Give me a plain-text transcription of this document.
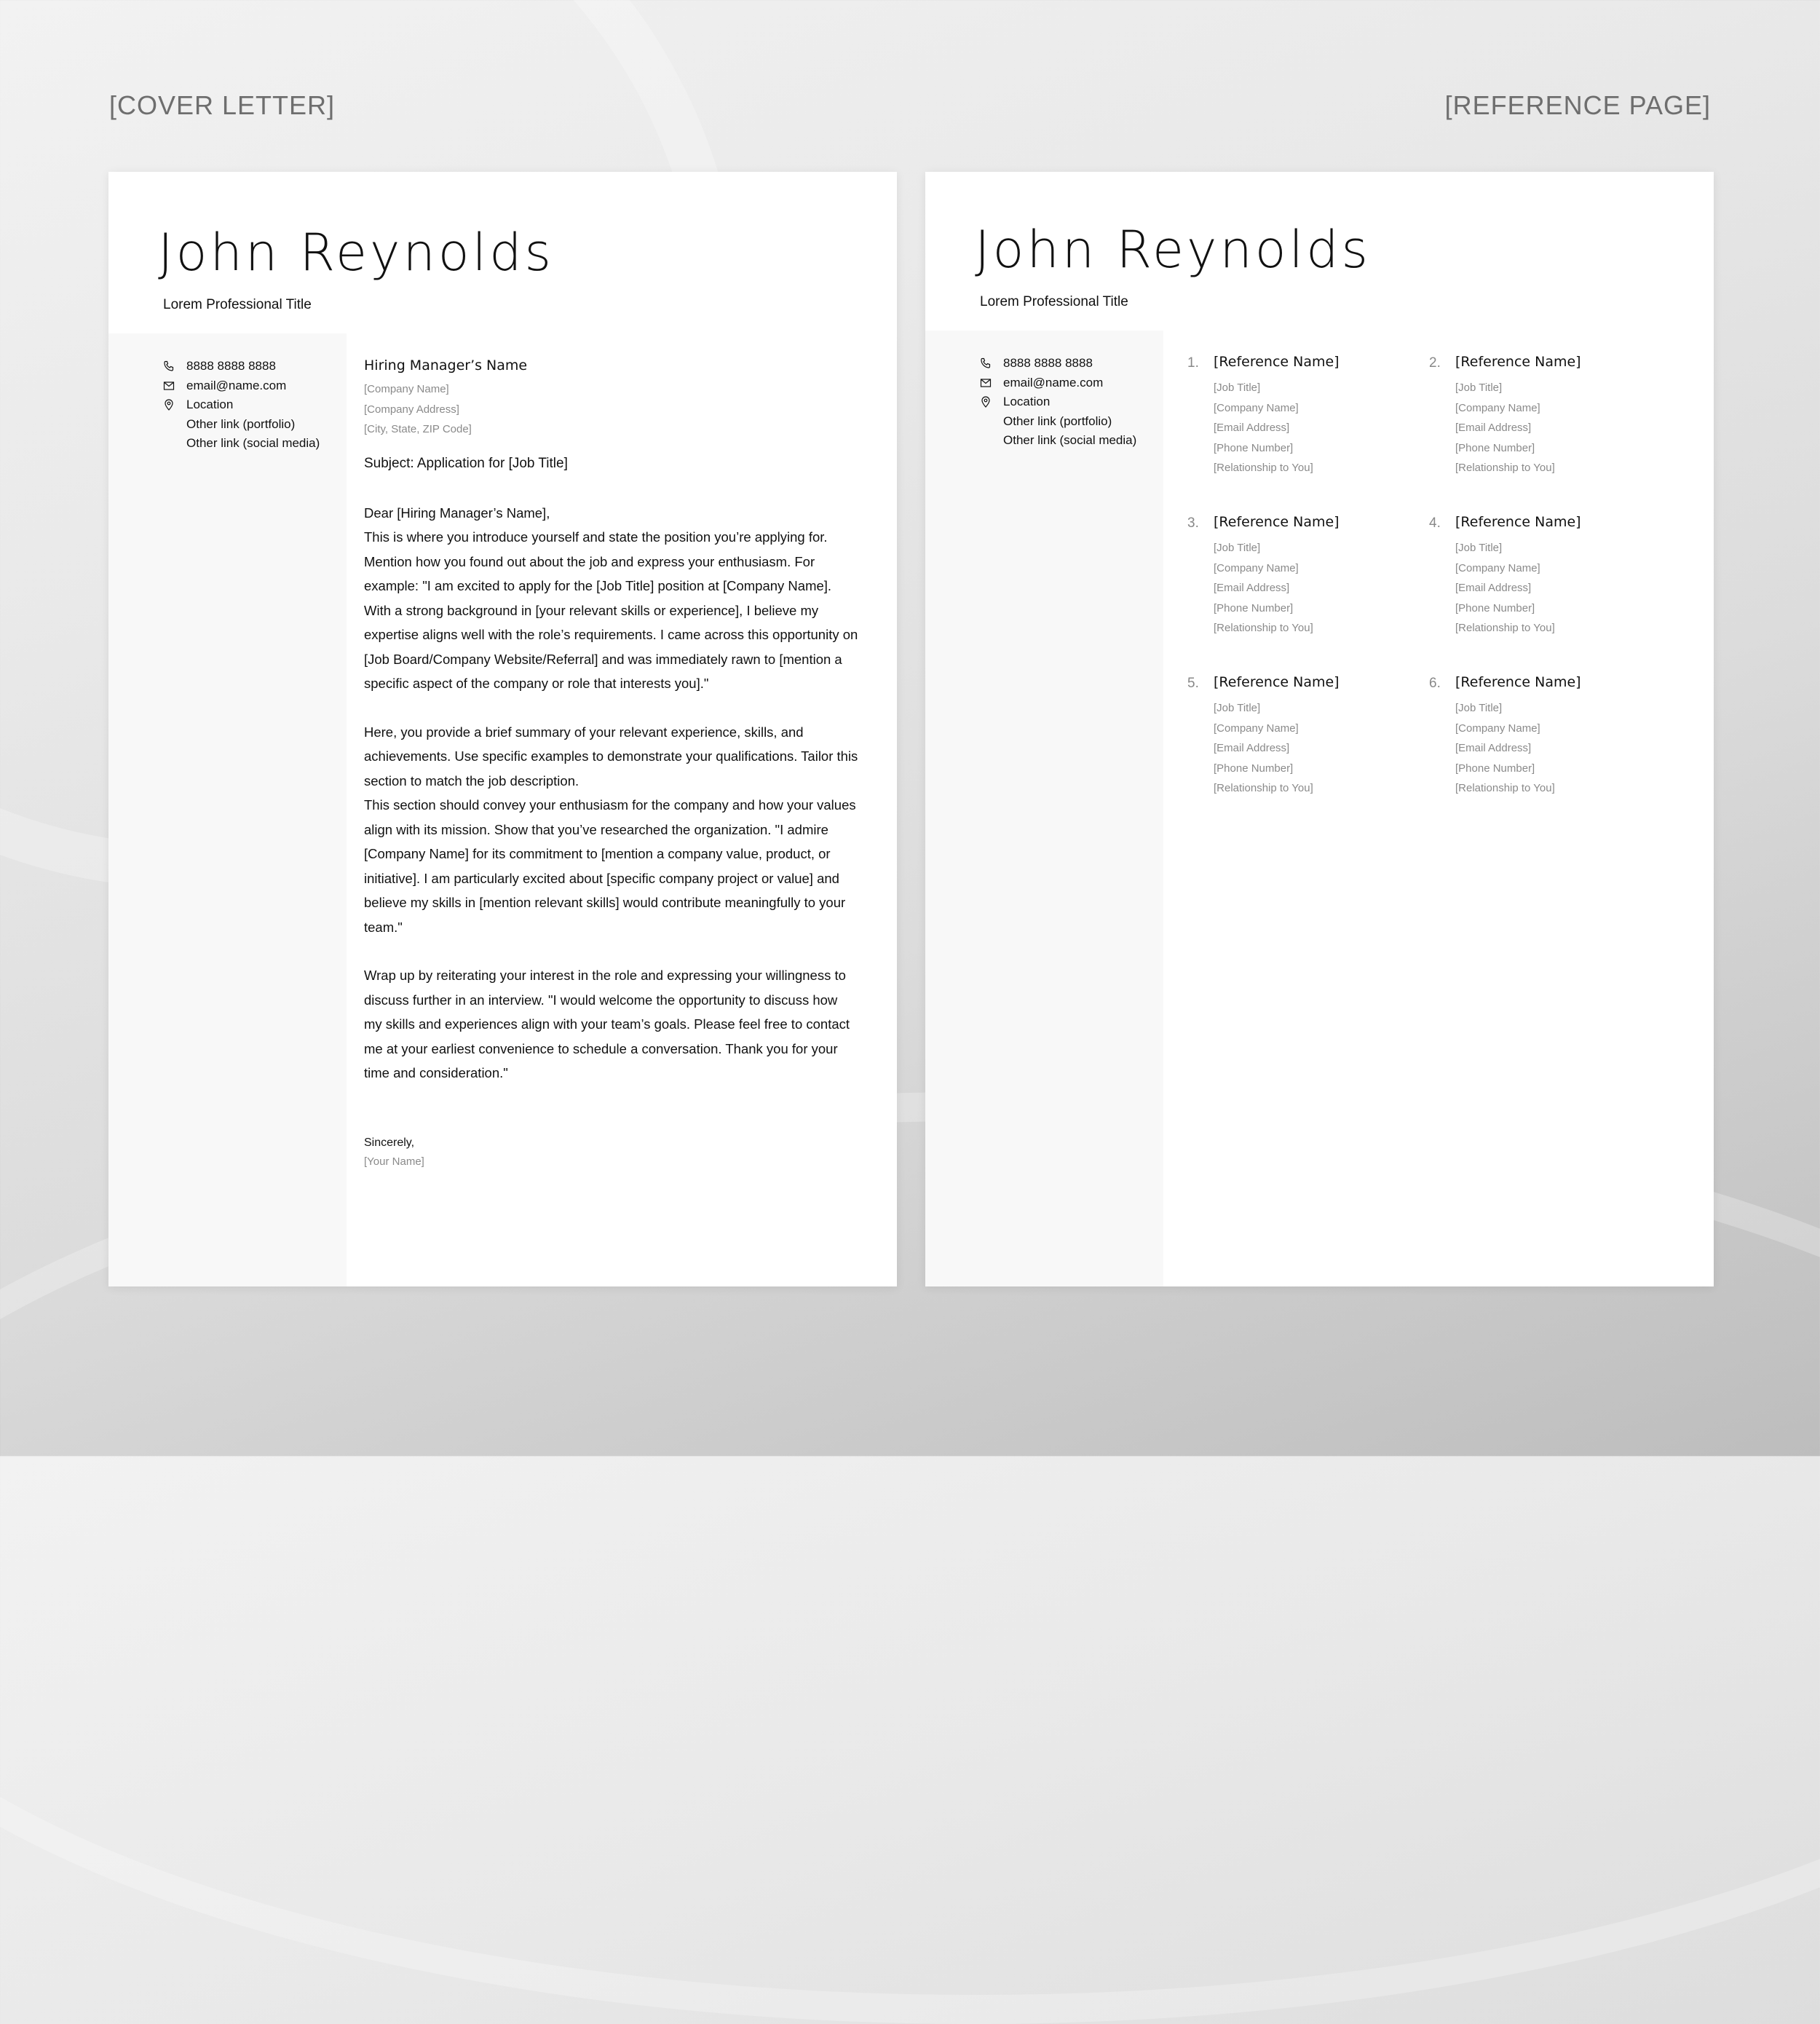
[COVER LETTER]	[REFERENCE PAGE]
John Reynolds
Lorem Professional Title
8888 8888 8888
email@name.com
Location
Other link (portfolio)
Other link (social media)
Hiring Manager’s Name
[Company Name]
[Company Address]
[City, State, ZIP Code]
Subject: Application for [Job Title]

Dear [Hiring Manager’s Name],

This is where you introduce yourself and state the position you’re applying for. Mention how you found out about the job and express your enthusiasm. For example: "I am excited to apply for the [Job Title] position at [Company Name]. With a strong background in [your relevant skills or experience], I believe my expertise aligns well with the role’s requirements. I came across this opportunity on [Job Board/Company Website/Referral] and was immediately rawn to [mention a specific aspect of the company or role that interests you]."

Here, you provide a brief summary of your relevant experience, skills, and achievements. Use specific examples to demonstrate your qualifications. Tailor this section to match the job description.

This section should convey your enthusiasm for the company and how your values align with its mission. Show that you’ve researched the organization. "I admire [Company Name] for its commitment to [mention a company value, product, or initiative]. I am particularly excited about [specific company project or value] and believe my skills in [mention relevant skills] would contribute meaningfully to your team."

Wrap up by reiterating your interest in the role and expressing your willingness to discuss further in an interview. "I would welcome the opportunity to discuss how my skills and experiences align with your team’s goals. Please feel free to contact me at your earliest convenience to schedule a conversation. Thank you for your time and consideration."

Sincerely,
[Your Name]
John Reynolds
Lorem Professional Title
8888 8888 8888
email@name.com
Location
Other link (portfolio)
Other link (social media)
1. [Reference Name]
[Job Title]
[Company Name]
[Email Address]
[Phone Number]
[Relationship to You]
2. [Reference Name]
[Job Title]
[Company Name]
[Email Address]
[Phone Number]
[Relationship to You]
3. [Reference Name]
[Job Title]
[Company Name]
[Email Address]
[Phone Number]
[Relationship to You]
4. [Reference Name]
[Job Title]
[Company Name]
[Email Address]
[Phone Number]
[Relationship to You]
5. [Reference Name]
[Job Title]
[Company Name]
[Email Address]
[Phone Number]
[Relationship to You]
6. [Reference Name]
[Job Title]
[Company Name]
[Email Address]
[Phone Number]
[Relationship to You]
